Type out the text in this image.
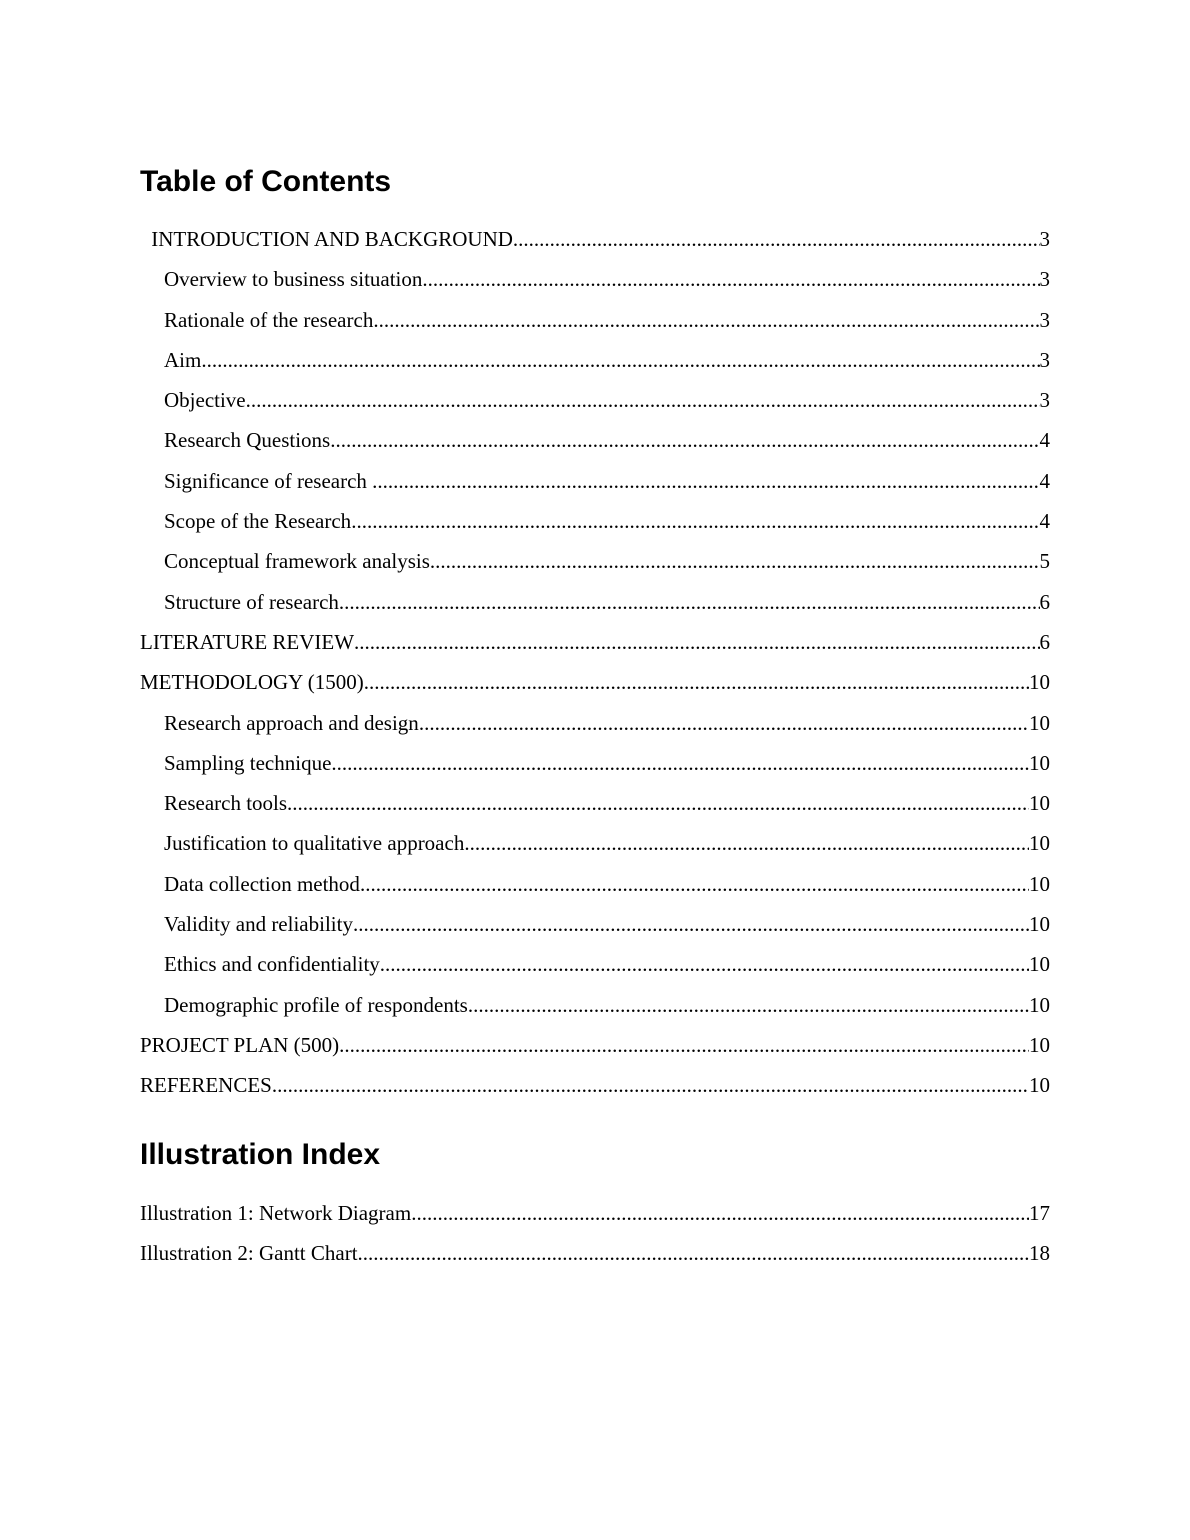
Table of Contents
INTRODUCTION AND BACKGROUND .....	3
Overview to business situation .....	3
Rationale of the research .....	3
Aim .....	3
Objective .....	3
Research Questions .....	4
Significance of research .....	4
Scope of the Research .....	4
Conceptual framework analysis .....	5
Structure of research .....	6
LITERATURE REVIEW .....	6
METHODOLOGY (1500) .....	10
Research approach and design .....	10
Sampling technique .....	10
Research tools .....	10
Justification to qualitative approach .....	10
Data collection method .....	10
Validity and reliability .....	10
Ethics and confidentiality .....	10
Demographic profile of respondents .....	10
PROJECT PLAN (500) .....	10
REFERENCES .....	10
Illustration Index
Illustration 1: Network Diagram .....	17
Illustration 2: Gantt Chart .....	18
